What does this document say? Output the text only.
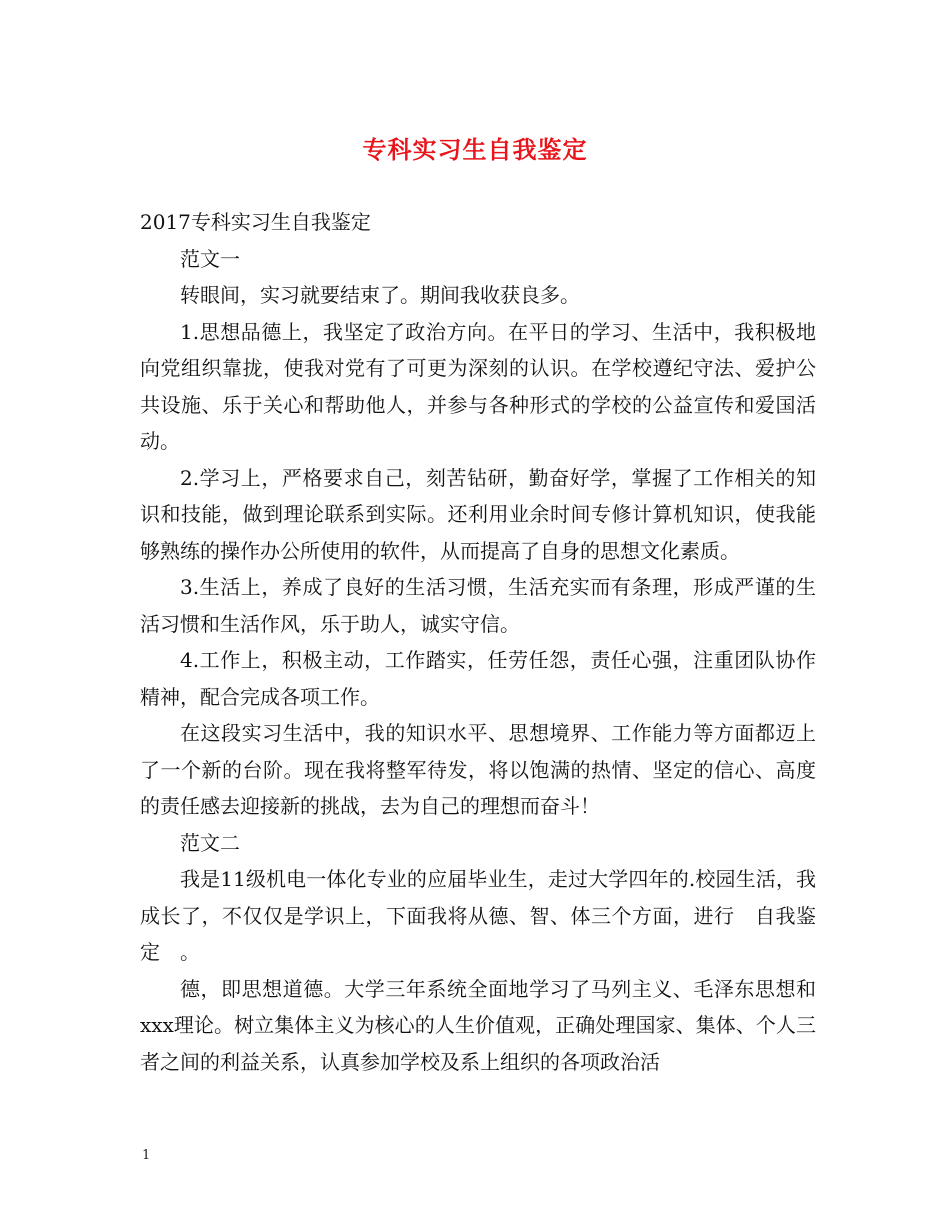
专科实习生自我鉴定

2017专科实习生自我鉴定

范文一

转眼间，实习就要结束了。期间我收获良多。

1.思想品德上，我坚定了政治方向。在平日的学习、生活中，我积极地向党组织靠拢，使我对党有了可更为深刻的认识。在学校遵纪守法、爱护公共设施、乐于关心和帮助他人，并参与各种形式的学校的公益宣传和爱国活动。

2.学习上，严格要求自己，刻苦钻研，勤奋好学，掌握了工作相关的知识和技能，做到理论联系到实际。还利用业余时间专修计算机知识，使我能够熟练的操作办公所使用的软件，从而提高了自身的思想文化素质。

3.生活上，养成了良好的生活习惯，生活充实而有条理，形成严谨的生活习惯和生活作风，乐于助人，诚实守信。

4.工作上，积极主动，工作踏实，任劳任怨，责任心强，注重团队协作精神，配合完成各项工作。

在这段实习生活中，我的知识水平、思想境界、工作能力等方面都迈上了一个新的台阶。现在我将整军待发，将以饱满的热情、坚定的信心、高度的责任感去迎接新的挑战，去为自己的理想而奋斗！

范文二

我是11级机电一体化专业的应届毕业生，走过大学四年的.校园生活，我成长了，不仅仅是学识上，下面我将从德、智、体三个方面，进行　自我鉴定　。

德，即思想道德。大学三年系统全面地学习了马列主义、毛泽东思想和xxx理论。树立集体主义为核心的人生价值观，正确处理国家、集体、个人三者之间的利益关系，认真参加学校及系上组织的各项政治活

1
